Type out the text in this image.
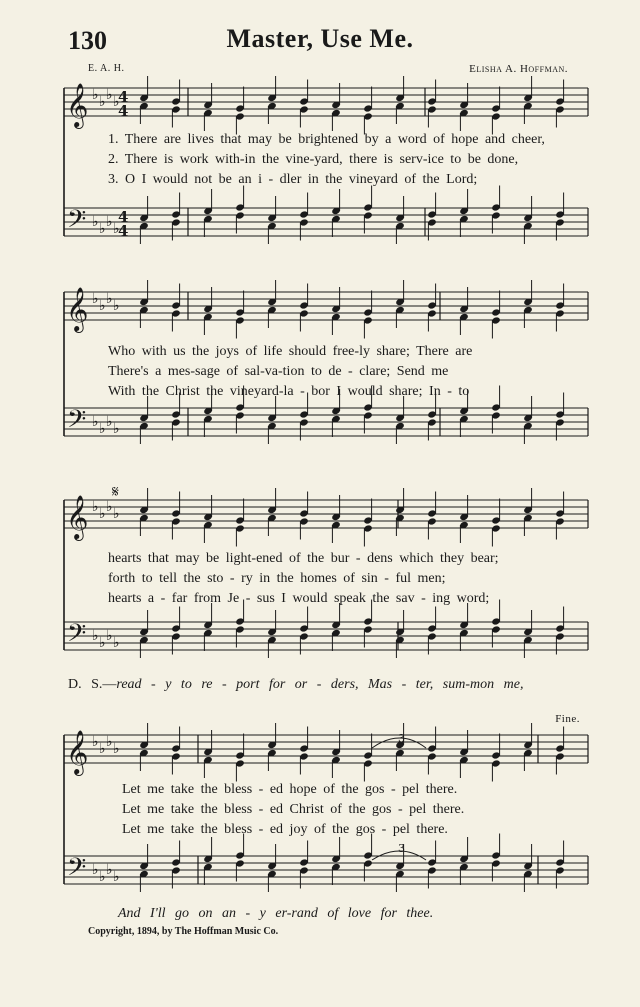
130	Master, Use Me.
E. A. H.	Elisha A. Hoffman.
𝄞
𝄢
♭
♭
♭
♭
♭
♭
♭
♭
𝄞
𝄢
♭
♭
♭
♭
♭
♭
♭
♭
𝄞
𝄢
♭
♭
♭
♭
♭
♭
♭
♭
𝄞
𝄢
♭
♭
♭
♭
♭
♭
♭
♭
4
4
4
4
3
3
𝄋
1. There are lives that may be brightened by a word of hope and cheer,
2. There is work with-in the vine-yard, there is serv-ice to be done,
3. O I would not be an i - dler in the vineyard of the Lord;
Who with us the joys of life should free-ly share; There are
There's a mes-sage of sal-va-tion to de - clare; Send me
With the Christ the vineyard-la - bor I would share; In - to
hearts that may be light-ened of the bur - dens which they bear;
forth to tell the sto - ry in the homes of sin - ful men;
hearts a - far from Je - sus I would speak the sav - ing word;
D. S.—read - y to re - port for or - ders, Mas - ter, sum-mon me,
Fine.
Let me take the bless - ed hope of the gos - pel there.
Let me take the bless - ed Christ of the gos - pel there.
Let me take the bless - ed joy of the gos - pel there.
And I'll go on an - y er-rand of love for thee.
Copyright, 1894, by The Hoffman Music Co.
